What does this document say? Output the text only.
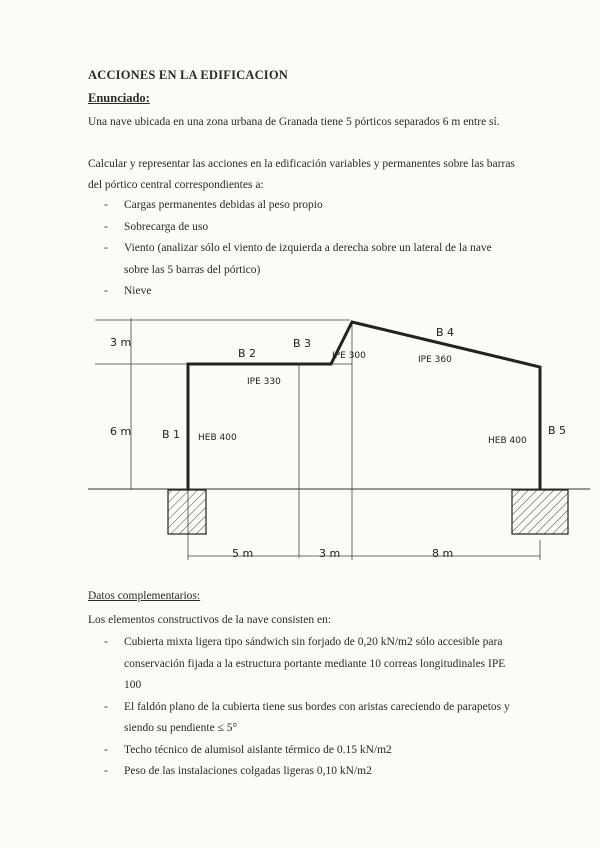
ACCIONES EN LA EDIFICACION
Enunciado:
Una nave ubicada en una zona urbana de Granada tiene 5 pórticos separados 6 m entre sí.
Calcular y representar las acciones en la edificación variables y permanentes sobre las barras del pórtico central correspondientes a:
- Cargas permanentes debidas al peso propio
- Sobrecarga de uso
- Viento (analizar sólo el viento de izquierda a derecha sobre un lateral de la nave sobre las 5 barras del pórtico)
- Nieve
3 m
6 m	B 1
B 2
B 3
B 4
B 5
HEB 400
IPE 330
IPE 300	IPE 360
HEB 400
5 m	3 m	8 m
Datos complementarios:
Los elementos constructivos de la nave consisten en:
- Cubierta mixta ligera tipo sándwich sin forjado de 0,20 kN/m2 sólo accesible para conservación fijada a la estructura portante mediante 10 correas longitudinales IPE 100
- El faldón plano de la cubierta tiene sus bordes con aristas careciendo de parapetos y siendo su pendiente ≤ 5°
- Techo técnico de alumisol aislante térmico de 0.15 kN/m2
- Peso de las instalaciones colgadas ligeras 0,10 kN/m2
